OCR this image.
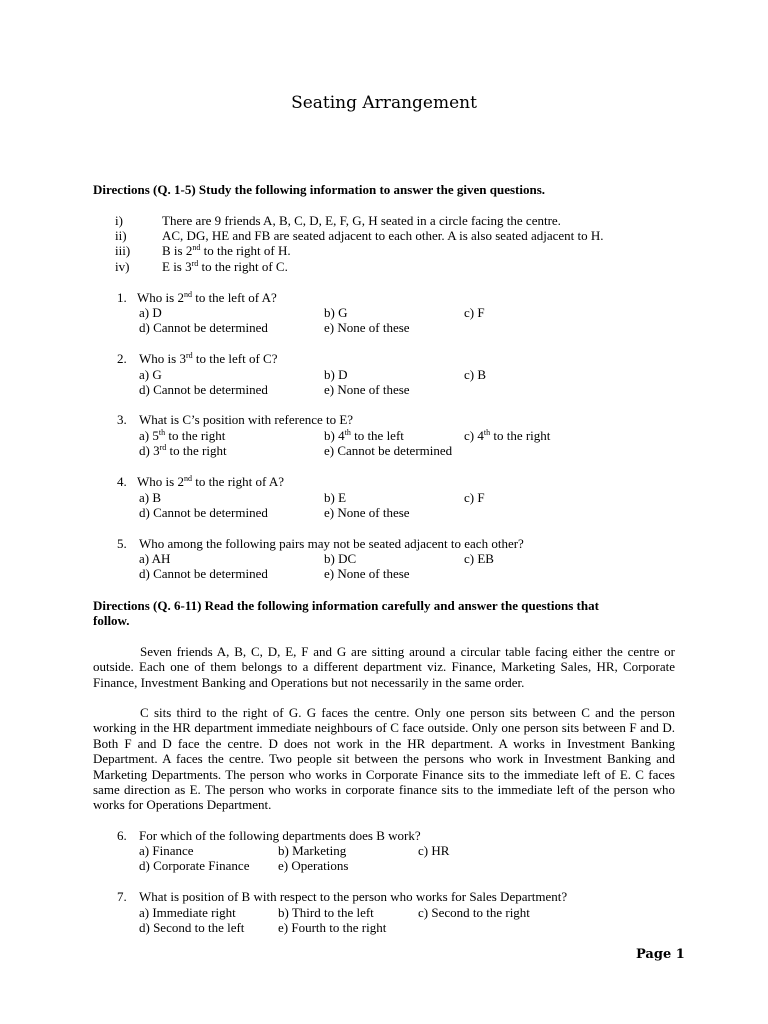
Seating Arrangement
Directions (Q. 1-5) Study the following information to answer the given questions.
i)	There are 9 friends A, B, C, D, E, F, G, H seated in a circle facing the centre.
ii)	AC, DG, HE and FB are seated adjacent to each other. A is also seated adjacent to H.
iii) B is 2nd to the right of H.
iv)	E is 3rd to the right of C.
1. Who is 2nd to the left of A?
a) D	b) G	c) F
d) Cannot be determined	e) None of these
2. Who is 3rd to the left of C?
a) G	b) D	c) B
d) Cannot be determined	e) None of these
3. What is C’s position with reference to E?
a) 5th to the right	b) 4th to the left	c) 4th to the right
d) 3rd to the right	e) Cannot be determined
4. Who is 2nd to the right of A?
a) B	b) E	c) F
d) Cannot be determined	e) None of these
5. Who among the following pairs may not be seated adjacent to each other?
a) AH	b) DC	c) EB
d) Cannot be determined	e) None of these
Directions (Q. 6-11) Read the following information carefully and answer the questions that
follow.
Seven friends A, B, C, D, E, F and G are sitting around a circular table facing either the centre or outside. Each one of them belongs to a different department viz. Finance, Marketing Sales, HR, Corporate Finance, Investment Banking and Operations but not necessarily in the same order.
C sits third to the right of G. G faces the centre. Only one person sits between C and the person working in the HR department immediate neighbours of C face outside. Only one person sits between F and D. Both F and D face the centre. D does not work in the HR department. A works in Investment Banking Department. A faces the centre. Two people sit between the persons who work in Investment Banking and Marketing Departments. The person who works in Corporate Finance sits to the immediate left of E. C faces same direction as E. The person who works in corporate finance sits to the immediate left of the person who works for Operations Department.
6. For which of the following departments does B work?
a) Finance	b) Marketing	c) HR
d) Corporate Finance e) Operations
7. What is position of B with respect to the person who works for Sales Department?
a) Immediate right	b) Third to the left	c) Second to the right
d) Second to the left	e) Fourth to the right
Page 1
